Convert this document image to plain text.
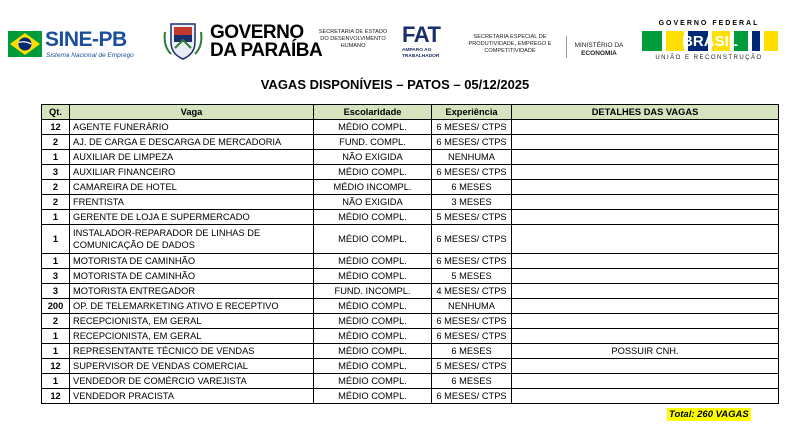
SINE-PB
Sistema Nacional de Emprego
GOVERNO
DA PARAÍBA
SECRETARIA DE ESTADO
DO DESENVOLVIMENTO
HUMANO	FAT
AMPARO AO TRABALHADOR
SECRETARIA ESPECIAL DE
PRODUTIVIDADE, EMPREGO E
COMPETITIVIDADE
MINISTÉRIO DA
ECONOMIA
GOVERNO FEDERAL
BRASIL
UNIÃO E RECONSTRUÇÃO
VAGAS DISPONÍVEIS – PATOS – 05/12/2025
Qt.	Vaga	Escolaridade	Experiência	DETALHES DAS VAGAS
12	AGENTE FUNERÁRIO	MÉDIO COMPL.	6 MESES/ CTPS	
2	AJ. DE CARGA E DESCARGA DE MERCADORIA	FUND. COMPL.	6 MESES/ CTPS	
1	AUXILIAR DE LIMPEZA	NÃO EXIGIDA	NENHUMA	
3	AUXILIAR FINANCEIRO	MÉDIO COMPL.	6 MESES/ CTPS	
2	CAMAREIRA DE HOTEL	MÉDIO INCOMPL.	6 MESES	
2	FRENTISTA	NÃO EXIGIDA	3 MESES	
1	GERENTE DE LOJA E SUPERMERCADO	MÉDIO COMPL.	5 MESES/ CTPS	
1	INSTALADOR-REPARADOR DE LINHAS DE COMUNICAÇÃO DE DADOS	MÉDIO COMPL.	6 MESES/ CTPS	
1	MOTORISTA DE CAMINHÃO	MÉDIO COMPL.	6 MESES/ CTPS	
3	MOTORISTA DE CAMINHÃO	MÉDIO COMPL.	5 MESES	
3	MOTORISTA ENTREGADOR	FUND. INCOMPL.	4 MESES/ CTPS	
200	OP. DE TELEMARKETING ATIVO E RECEPTIVO	MÉDIO COMPL.	NENHUMA	
2	RECEPCIONISTA, EM GERAL	MÉDIO COMPL.	6 MESES/ CTPS	
1	RECEPCIONISTA, EM GERAL	MÉDIO COMPL.	6 MESES/ CTPS	
1	REPRESENTANTE TÉCNICO DE VENDAS	MÉDIO COMPL.	6 MESES	POSSUIR CNH.
12	SUPERVISOR DE VENDAS COMERCIAL	MÉDIO COMPL.	5 MESES/ CTPS	
1	VENDEDOR DE COMÉRCIO VAREJISTA	MÉDIO COMPL.	6 MESES	
12	VENDEDOR PRACISTA	MÉDIO COMPL.	6 MESES/ CTPS	
Total: 260 VAGAS
